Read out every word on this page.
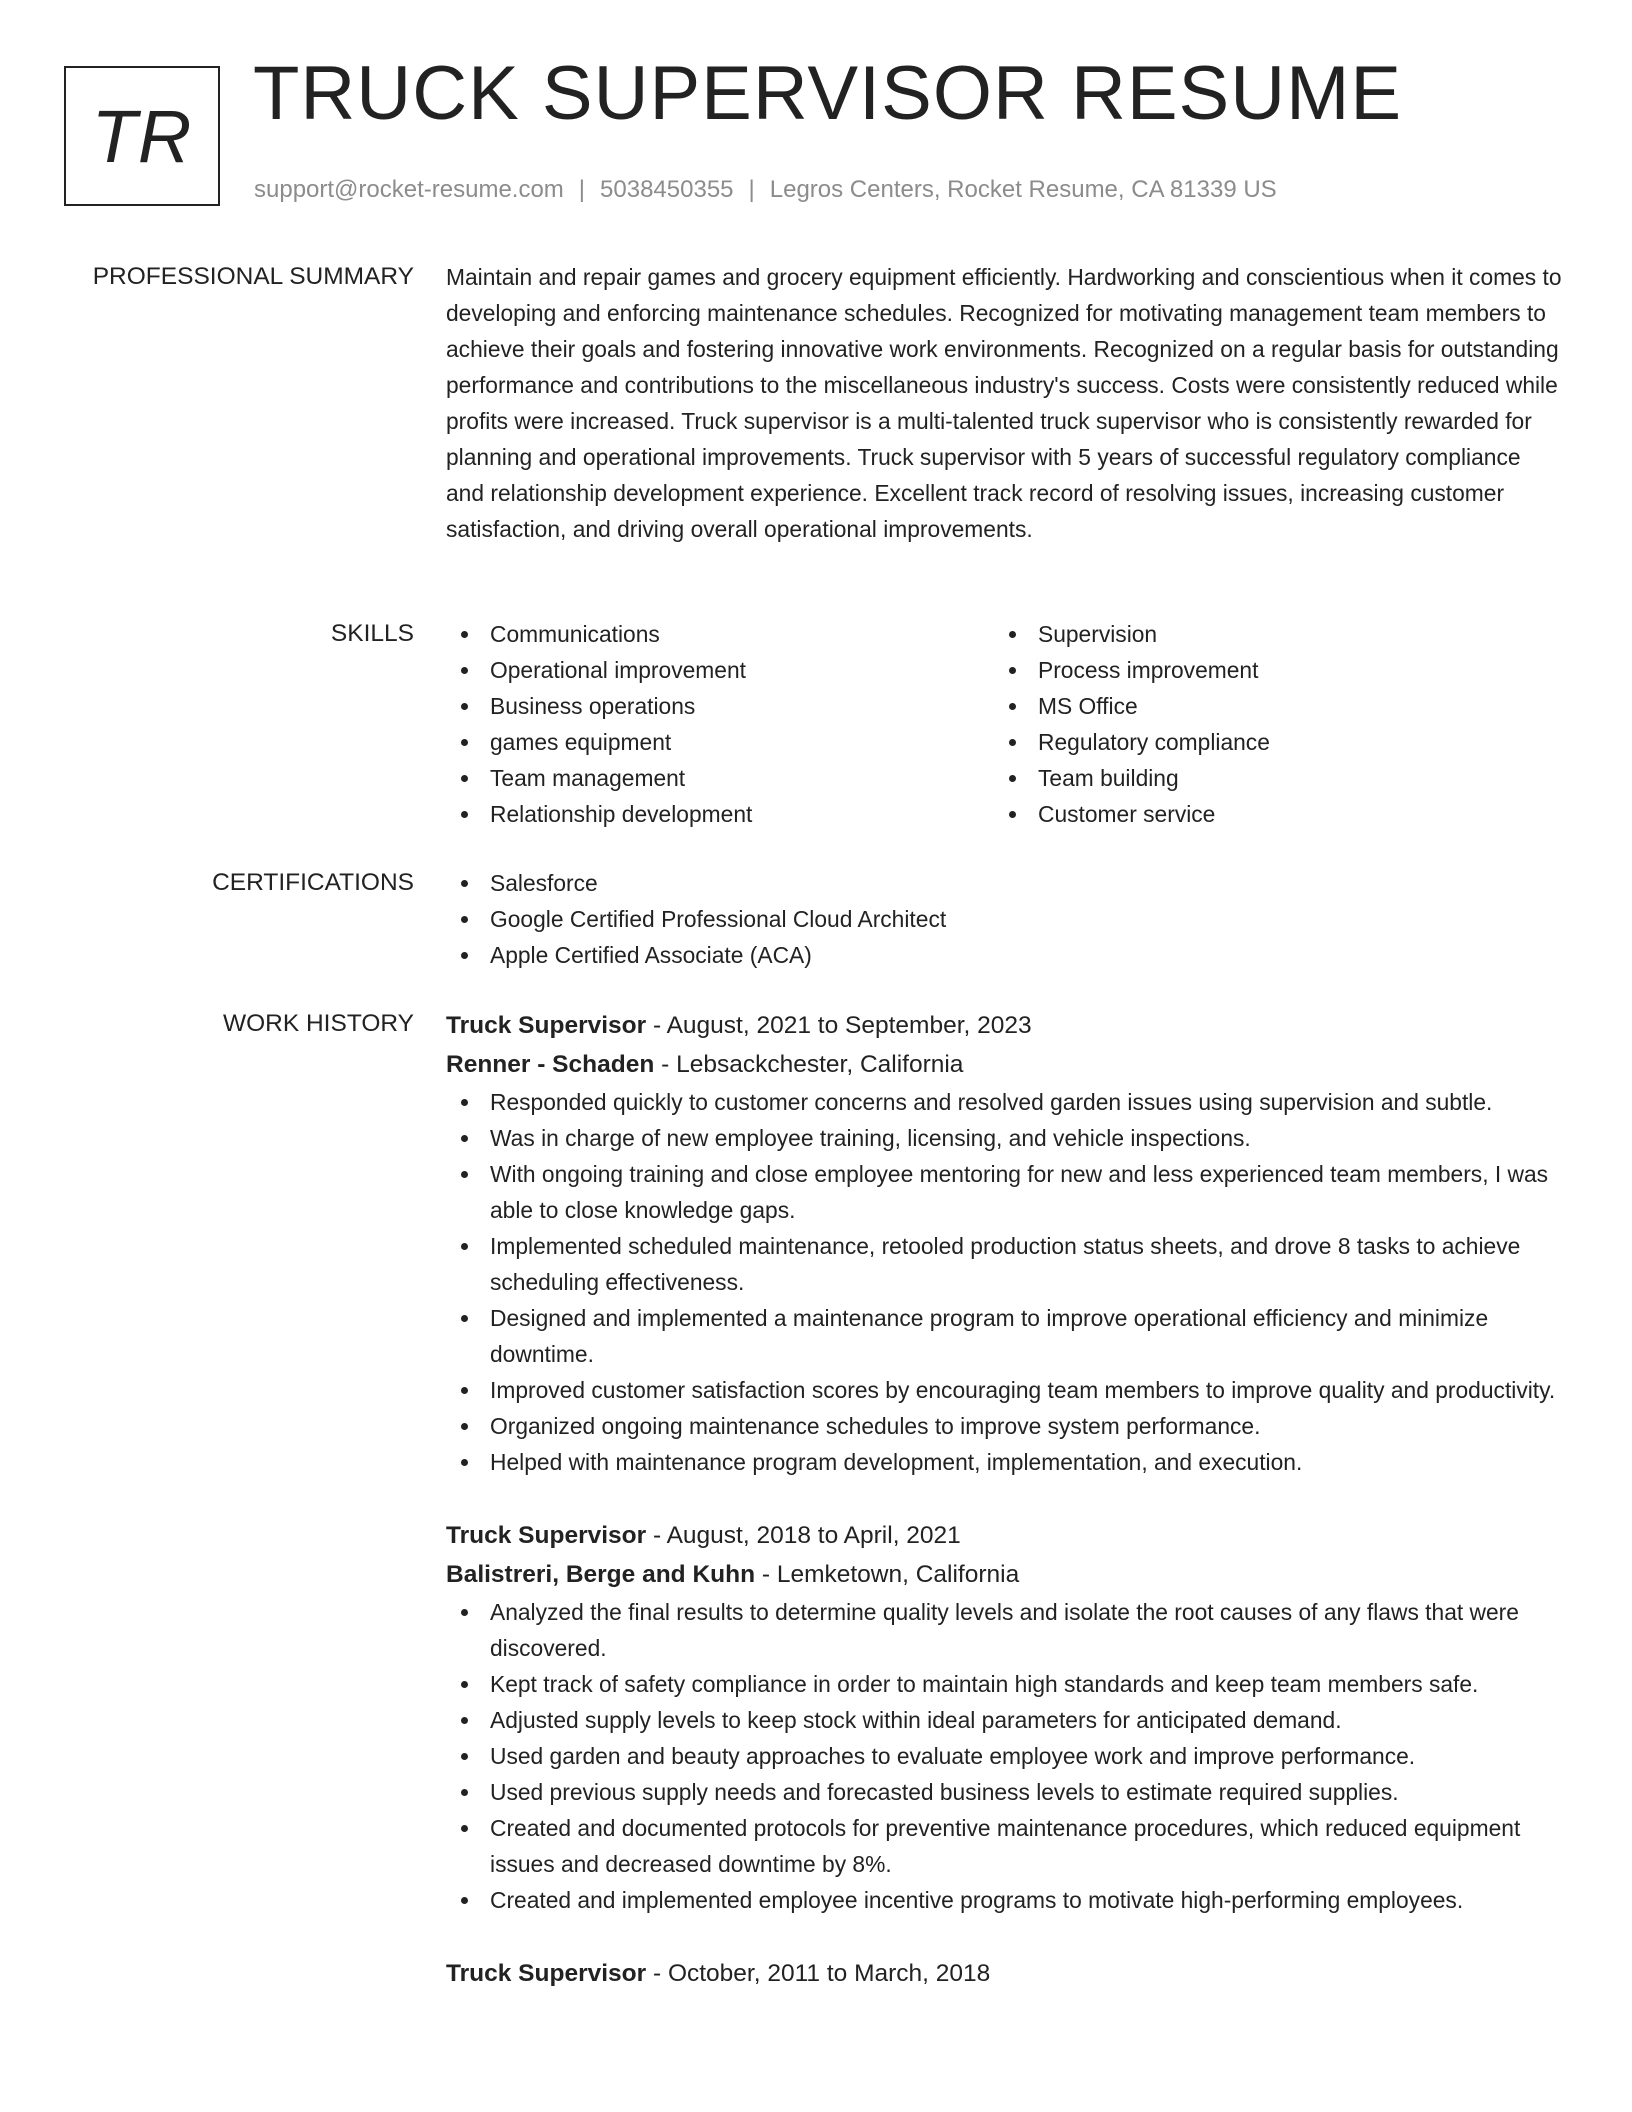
TR TRUCK SUPERVISOR RESUME
support@rocket-resume.com | 5038450355 | Legros Centers, Rocket Resume, CA 81339 US
PROFESSIONAL SUMMARY Maintain and repair games and grocery equipment efficiently. Hardworking and conscientious when it comes to developing and enforcing maintenance schedules. Recognized for motivating management team members to achieve their goals and fostering innovative work environments. Recognized on a regular basis for outstanding performance and contributions to the miscellaneous industry's success. Costs were consistently reduced while profits were increased. Truck supervisor is a multi-talented truck supervisor who is consistently rewarded for planning and operational improvements. Truck supervisor with 5 years of successful regulatory compliance and relationship development experience. Excellent track record of resolving issues, increasing customer satisfaction, and driving overall operational improvements.

SKILLS	Communications
Operational improvement
Business operations
games equipment
Team management
Relationship development
Supervision
Process improvement
MS Office
Regulatory compliance
Team building
Customer service
CERTIFICATIONS	Salesforce
Google Certified Professional Cloud Architect
Apple Certified Associate (ACA)
WORK HISTORY Truck Supervisor - August, 2021 to September, 2023
Renner - Schaden - Lebsackchester, California
Responded quickly to customer concerns and resolved garden issues using supervision and subtle.
Was in charge of new employee training, licensing, and vehicle inspections.
With ongoing training and close employee mentoring for new and less experienced team members, I was able to close knowledge gaps.
Implemented scheduled maintenance, retooled production status sheets, and drove 8 tasks to achieve scheduling effectiveness.
Designed and implemented a maintenance program to improve operational efficiency and minimize downtime.
Improved customer satisfaction scores by encouraging team members to improve quality and productivity.
Organized ongoing maintenance schedules to improve system performance.
Helped with maintenance program development, implementation, and execution.
Truck Supervisor - August, 2018 to April, 2021
Balistreri, Berge and Kuhn - Lemketown, California
Analyzed the final results to determine quality levels and isolate the root causes of any flaws that were discovered.
Kept track of safety compliance in order to maintain high standards and keep team members safe.
Adjusted supply levels to keep stock within ideal parameters for anticipated demand.
Used garden and beauty approaches to evaluate employee work and improve performance.
Used previous supply needs and forecasted business levels to estimate required supplies.
Created and documented protocols for preventive maintenance procedures, which reduced equipment issues and decreased downtime by 8%.
Created and implemented employee incentive programs to motivate high-performing employees.
Truck Supervisor - October, 2011 to March, 2018
